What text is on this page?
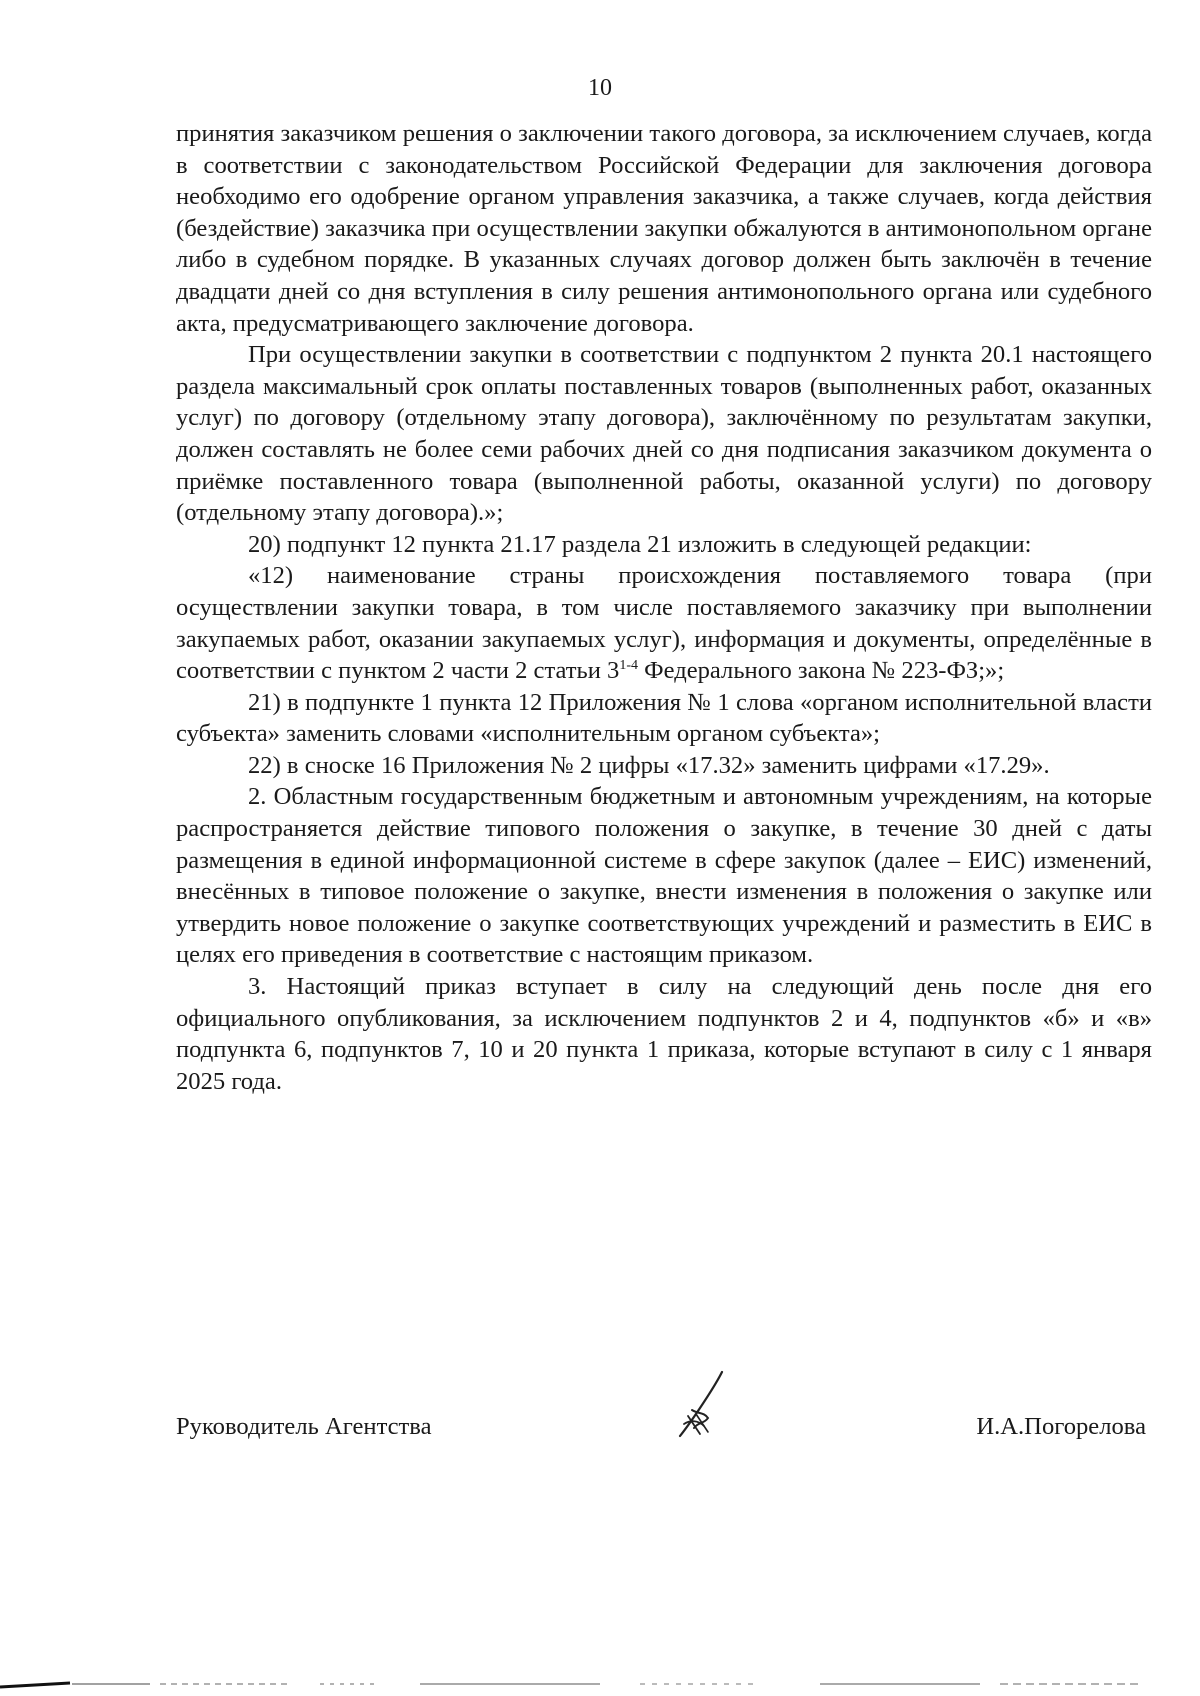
10

принятия заказчиком решения о заключении такого договора, за исключением случаев, когда в соответствии с законодательством Российской Федерации для заключения договора необходимо его одобрение органом управления заказчика, а также случаев, когда действия (бездействие) заказчика при осуществлении закупки обжалуются в антимонопольном органе либо в судебном порядке. В указанных случаях договор должен быть заключён в течение двадцати дней со дня вступления в силу решения антимонопольного органа или судебного акта, предусматривающего заключение договора.

При осуществлении закупки в соответствии с подпунктом 2 пункта 20.1 настоящего раздела максимальный срок оплаты поставленных товаров (выполненных работ, оказанных услуг) по договору (отдельному этапу договора), заключённому по результатам закупки, должен составлять не более семи рабочих дней со дня подписания заказчиком документа о приёмке поставленного товара (выполненной работы, оказанной услуги) по договору (отдельному этапу договора).»;

20) подпункт 12 пункта 21.17 раздела 21 изложить в следующей редакции:

«12) наименование страны происхождения поставляемого товара (при осуществлении закупки товара, в том числе поставляемого заказчику при выполнении закупаемых работ, оказании закупаемых услуг), информация и документы, определённые в соответствии с пунктом 2 части 2 статьи 3$^{1-4}$ Федерального закона № 223-ФЗ;»;

21) в подпункте 1 пункта 12 Приложения № 1 слова «органом исполнительной власти субъекта» заменить словами «исполнительным органом субъекта»;

22) в сноске 16 Приложения № 2 цифры «17.32» заменить цифрами «17.29».

2. Областным государственным бюджетным и автономным учреждениям, на которые распространяется действие типового положения о закупке, в течение 30 дней с даты размещения в единой информационной системе в сфере закупок (далее – ЕИС) изменений, внесённых в типовое положение о закупке, внести изменения в положения о закупке или утвердить новое положение о закупке соответствующих учреждений и разместить в ЕИС в целях его приведения в соответствие с настоящим приказом.

3. Настоящий приказ вступает в силу на следующий день после дня его официального опубликования, за исключением подпунктов 2 и 4, подпунктов «б» и «в» подпункта 6, подпунктов 7, 10 и 20 пункта 1 приказа, которые вступают в силу с 1 января 2025 года.

Руководитель Агентства	И.А.Погорелова
